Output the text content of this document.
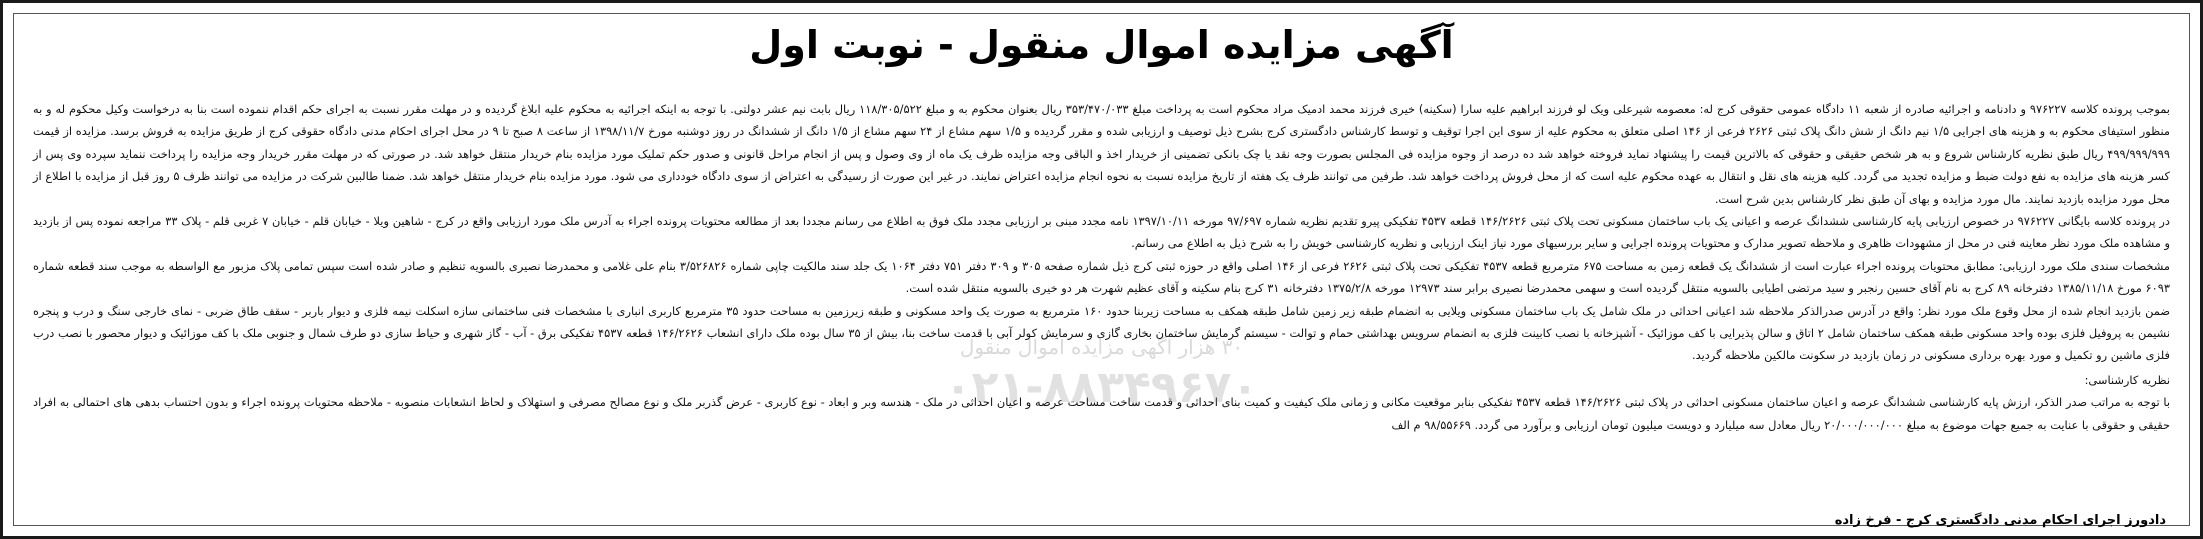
آگهی مزایده اموال منقول - نوبت اول

بموجب پرونده کلاسه ۹۷۶۲۲۷ و دادنامه و اجرائیه صادره از شعبه ۱۱ دادگاه عمومی حقوقی کرج له: معصومه شیرعلی ویک لو فرزند ابراهیم علیه سارا (سکینه) خیری فرزند محمد ادمیک مراد محکوم است به پرداخت مبلغ ۳۵۳/۴۷۰/۰۳۳ ریال بعنوان محکوم به و مبلغ ۱۱۸/۳۰۵/۵۲۲ ریال بابت نیم عشر دولتی. با توجه به اینکه اجرائیه به محکوم علیه ابلاغ گردیده و در مهلت مقرر نسبت به اجرای حکم اقدام ننموده است بنا به درخواست وکیل محکوم له و به منظور استیفای محکوم به و هزینه های اجرایی ۱/۵ نیم دانگ از شش دانگ پلاک ثبتی ۲۶۲۶ فرعی از ۱۴۶ اصلی متعلق به محکوم علیه از سوی این اجرا توقیف و توسط کارشناس دادگستری کرج بشرح ذیل توصیف و ارزیابی شده و مقرر گردیده و ۱/۵ سهم مشاع از ۲۴ سهم مشاع از ۱/۵ دانگ از ششدانگ در روز دوشنبه مورخ ۱۳۹۸/۱۱/۷ از ساعت ۸ صبح تا ۹ در محل اجرای احکام مدنی دادگاه حقوقی کرج از طریق مزایده به فروش برسد. مزایده از قیمت ۴۹۹/۹۹۹/۹۹۹ ریال طبق نظریه کارشناس شروع و به هر شخص حقیقی و حقوقی که بالاترین قیمت را پیشنهاد نماید فروخته خواهد شد ده درصد از وجوه مزایده فی المجلس بصورت وجه نقد یا چک بانکی تضمینی از خریدار اخذ و الباقی وجه مزایده ظرف یک ماه از وی وصول و پس از انجام مراحل قانونی و صدور حکم تملیک مورد مزایده بنام خریدار منتقل خواهد شد. در صورتی که در مهلت مقرر خریدار وجه مزایده را پرداخت ننماید سپرده وی پس از کسر هزینه های مزایده به نفع دولت ضبط و مزایده تجدید می گردد. کلیه هزینه های نقل و انتقال به عهده محکوم علیه است که از محل فروش پرداخت خواهد شد. طرفین می توانند ظرف یک هفته از تاریخ مزایده نسبت به نحوه انجام مزایده اعتراض نمایند. در غیر این صورت از رسیدگی به اعتراض از سوی دادگاه خودداری می شود. مورد مزایده بنام خریدار منتقل خواهد شد. ضمنا طالبین شرکت در مزایده می توانند ظرف ۵ روز قبل از مزایده با اطلاع از محل مورد مزایده بازدید نمایند. مال مورد مزایده و بهای آن طبق نظر کارشناس بدین شرح است.

در پرونده کلاسه بایگانی ۹۷۶۲۲۷ در خصوص ارزیابی پایه کارشناسی ششدانگ عرصه و اعیانی یک باب ساختمان مسکونی تحت پلاک ثبتی ۱۴۶/۲۶۲۶ قطعه ۴۵۳۷ تفکیکی پیرو تقدیم نظریه شماره ۹۷/۶۹۷ مورخه ۱۳۹۷/۱۰/۱۱ نامه مجدد مبنی بر ارزیابی مجدد ملک فوق به اطلاع می رسانم مجددا بعد از مطالعه محتویات پرونده اجراء به آدرس ملک مورد ارزیابی واقع در کرج - شاهین ویلا - خیابان قلم - خیابان ۷ غربی قلم - پلاک ۳۳ مراجعه نموده پس از بازدید و مشاهده ملک مورد نظر معاینه فنی در محل از مشهودات ظاهری و ملاحظه تصویر مدارک و محتویات پرونده اجرایی و سایر بررسیهای مورد نیاز اینک ارزیابی و نظریه کارشناسی خویش را به شرح ذیل به اطلاع می رسانم.

مشخصات سندی ملک مورد ارزیابی: مطابق محتویات پرونده اجراء عبارت است از ششدانگ یک قطعه زمین به مساحت ۶۷۵ مترمربع قطعه ۴۵۳۷ تفکیکی تحت پلاک ثبتی ۲۶۲۶ فرعی از ۱۴۶ اصلی واقع در حوزه ثبتی کرج ذیل شماره صفحه ۳۰۵ و ۳۰۹ دفتر ۷۵۱ دفتر ۱۰۶۴ یک جلد سند مالکیت چاپی شماره ۳/۵۲۶۸۲۶ بنام علی غلامی و محمدرضا نصیری بالسویه تنظیم و صادر شده است سپس تمامی پلاک مزبور مع الواسطه به موجب سند قطعه شماره ۶۰۹۳ مورخ ۱۳۸۵/۱۱/۱۸ دفترخانه ۸۹ کرج به نام آقای حسین رنجبر و سید مرتضی اطیابی بالسویه منتقل گردیده است و سهمی محمدرضا نصیری برابر سند ۱۲۹۷۳ مورخه ۱۳۷۵/۲/۸ دفترخانه ۳۱ کرج بنام سکینه و آقای عظیم شهرت هر دو خیری بالسویه منتقل شده است.

ضمن بازدید انجام شده از محل وقوع ملک مورد نظر: واقع در آدرس صدرالذکر ملاحظه شد اعیانی احداثی در ملک شامل یک باب ساختمان مسکونی ویلایی به انضمام طبقه زیر زمین شامل طبقه همکف به مساحت زیربنا حدود ۱۶۰ مترمربع به صورت یک واحد مسکونی و طبقه زیرزمین به مساحت حدود ۳۵ مترمربع کاربری انباری با مشخصات فنی ساختمانی سازه اسکلت نیمه فلزی و دیوار باربر - سقف طاق ضربی - نمای خارجی سنگ و درب و پنجره نشیمن به پروفیل فلزی بوده واحد مسکونی طبقه همکف ساختمان شامل ۲ اتاق و سالن پذیرایی با کف موزائیک - آشپزخانه با نصب کابینت فلزی به انضمام سرویس بهداشتی حمام و توالت - سیستم گرمایش ساختمان بخاری گازی و سرمایش کولر آبی با قدمت ساخت بنا، بیش از ۳۵ سال بوده ملک دارای انشعاب ۱۴۶/۲۶۲۶ قطعه ۴۵۳۷ تفکیکی برق - آب - گاز شهری و حیاط سازی دو طرف شمال و جنوبی ملک با کف موزائیک و دیوار محصور با نصب درب فلزی ماشین رو تکمیل و مورد بهره برداری مسکونی در زمان بازدید در سکونت مالکین ملاحظه گردید.

نظریه کارشناسی:

با توجه به مراتب صدر الذکر، ارزش پایه کارشناسی ششدانگ عرصه و اعیان ساختمان مسکونی احداثی در پلاک ثبتی ۱۴۶/۲۶۲۶ قطعه ۴۵۳۷ تفکیکی بنابر موقعیت مکانی و زمانی ملک کیفیت و کمیت بنای احداثی و قدمت ساخت مساحت عرصه و اعیان احداثی در ملک - هندسه وبر و ابعاد - نوع کاربری - عرض گذربر ملک و نوع مصالح مصرفی و استهلاک و لحاظ انشعابات منصوبه - ملاحظه محتویات پرونده اجراء و بدون احتساب بدهی های احتمالی به افراد حقیقی و حقوقی با عنایت به جمیع جهات موضوع به مبلغ ۲۰/۰۰۰/۰۰۰/۰۰۰ ریال معادل سه میلیارد و دویست میلیون تومان ارزیابی و برآورد می گردد. ۹۸/۵۵۶۶۹ م الف

۳۰ هزار آگهی مزایده اموال منقول
۰۲۱-۸۸۳۴۹۶۷۰
دادورز اجرای احکام مدنی دادگستری کرج - فرخ زاده
